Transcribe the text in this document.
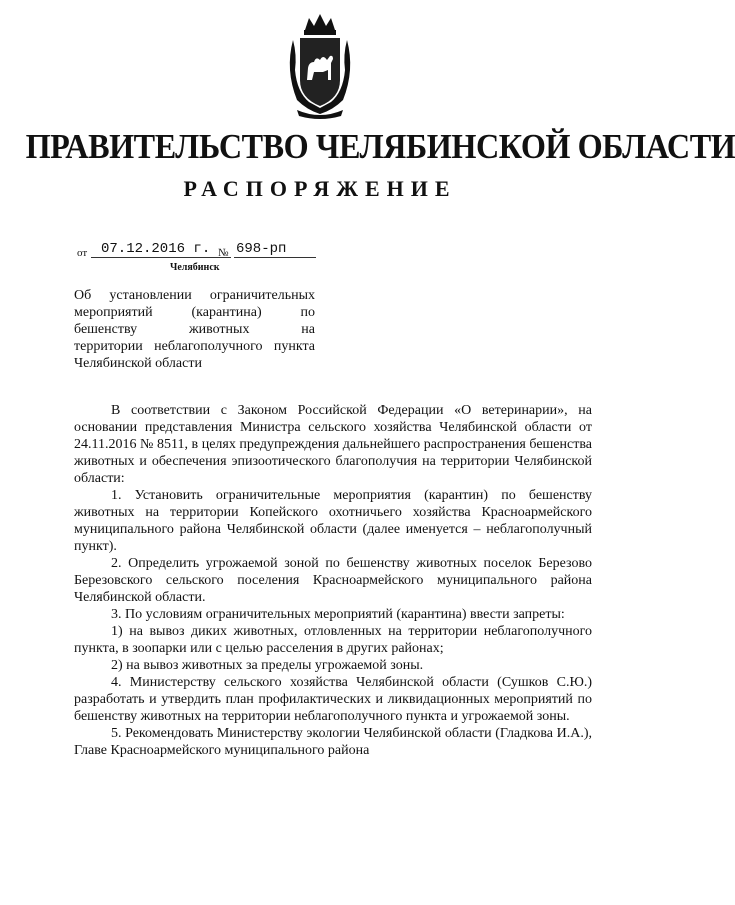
ПРАВИТЕЛЬСТВО ЧЕЛЯБИНСКОЙ ОБЛАСТИ
РАСПОРЯЖЕНИЕ
от 07.12.2016 г. № 698-рп
Челябинск
Об установлении ограничительных
мероприятий (карантина) по
бешенству животных на
территории неблагополучного пункта
Челябинской области

В соответствии с Законом Российской Федерации «О ветеринарии», на основании представления Министра сельского хозяйства Челябинской области от 24.11.2016 № 8511, в целях предупреждения дальнейшего распространения бешенства животных и обеспечения эпизоотического благополучия на территории Челябинской области:

1. Установить ограничительные мероприятия (карантин) по бешенству животных на территории Копейского охотничьего хозяйства Красноармейского муниципального района Челябинской области (далее именуется – неблагополучный пункт).

2. Определить угрожаемой зоной по бешенству животных поселок Березово Березовского сельского поселения Красноармейского муниципального района Челябинской области.

3. По условиям ограничительных мероприятий (карантина) ввести запреты:

1) на вывоз диких животных, отловленных на территории неблагополучного пункта, в зоопарки или с целью расселения в других районах;

2) на вывоз животных за пределы угрожаемой зоны.

4. Министерству сельского хозяйства Челябинской области (Сушков С.Ю.) разработать и утвердить план профилактических и ликвидационных мероприятий по бешенству животных на территории неблагополучного пункта и угрожаемой зоны.

5. Рекомендовать Министерству экологии Челябинской области (Гладкова И.А.), Главе Красноармейского муниципального района
